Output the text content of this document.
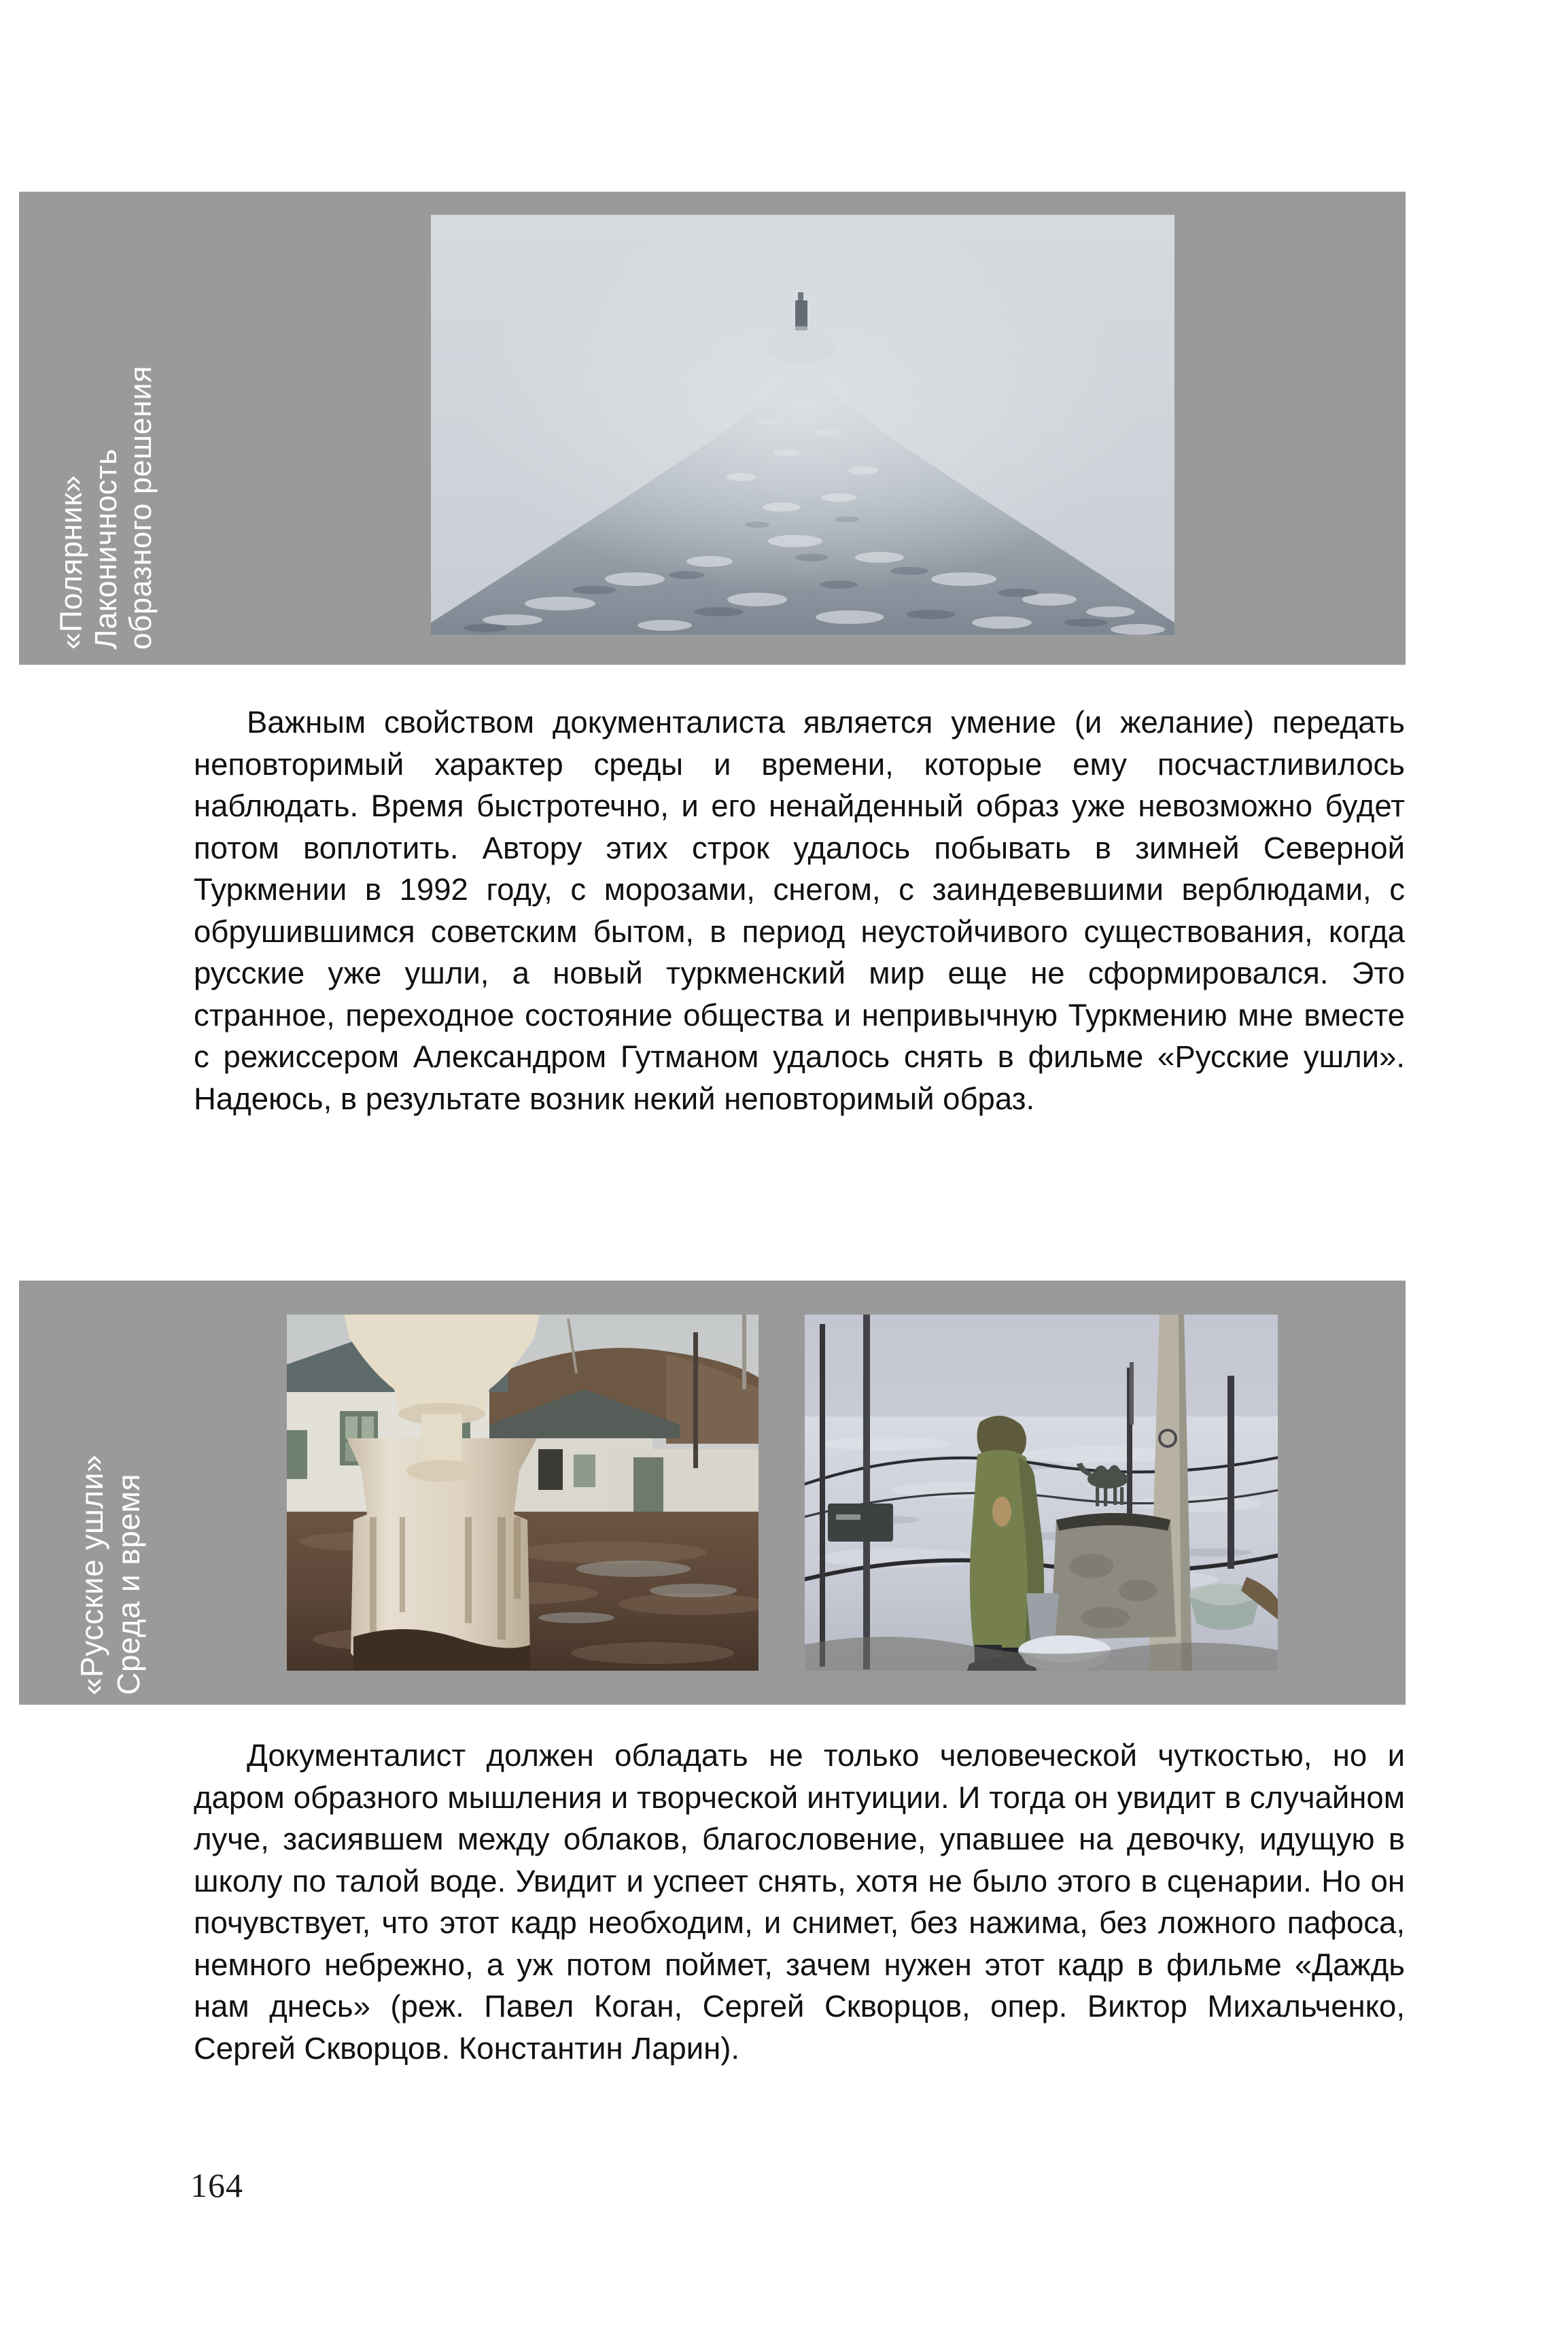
«Полярник» Лаконичность образного решения
Важным свойством документалиста является умение (и желание) передать неповторимый характер среды и времени, которые ему посчастливилось наблюдать. Время быстротечно, и его ненайденный образ уже невозможно будет потом воплотить. Автору этих строк удалось побывать в зимней Северной Туркмении в 1992 году, с морозами, снегом, с заиндевевшими верблюдами, с обрушившимся советским бытом, в период неустойчивого существования, когда русские уже ушли, а новый туркменский мир еще не сформировался. Это странное, переходное состояние общества и непривычную Туркмению мне вместе с режиссером Александром Гутманом удалось снять в фильме «Русские ушли». Надеюсь, в результате возник некий неповторимый образ.
«Русские ушли» Среда и время
Документалист должен обладать не только человеческой чуткостью, но и даром образного мышления и творческой интуиции. И тогда он увидит в случайном луче, засиявшем между облаков, благословение, упавшее на девочку, идущую в школу по талой воде. Увидит и успеет снять, хотя не было этого в сценарии. Но он почувствует, что этот кадр необходим, и снимет, без нажима, без ложного пафоса, немного небрежно, а уж потом поймет, зачем нужен этот кадр в фильме «Даждь нам днесь» (реж. Павел Коган, Сергей Скворцов, опер. Виктор Михальченко, Сергей Скворцов. Константин Ларин).
164
